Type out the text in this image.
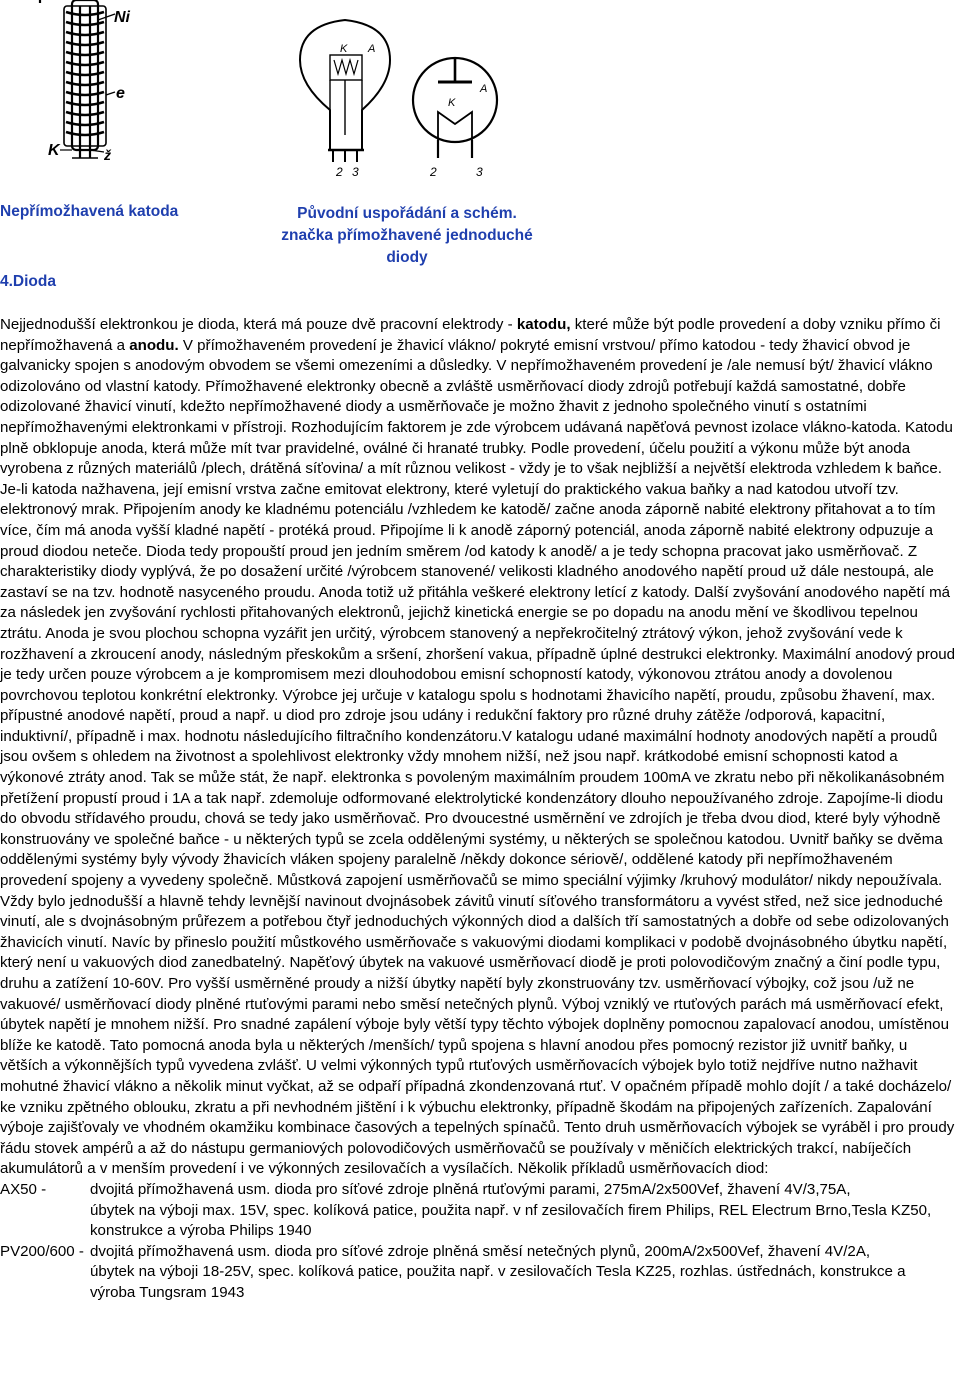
Ni
e
K	ž
K A
2 3
A
K
2	3
Nepřímožhavená katoda	Původní uspořádání a schém. značka přímožhavené jednoduché diody
4.Dioda

Nejjednodušší elektronkou je dioda, která má pouze dvě pracovní elektrody - katodu, které může být podle provedení a doby vzniku přímo či nepřímožhavená a anodu. V přímožhaveném provedení je žhavicí vlákno/ pokryté emisní vrstvou/ přímo katodou - tedy žhavicí obvod je galvanicky spojen s anodovým obvodem se všemi omezeními a důsledky. V nepřímožhaveném provedení je /ale nemusí být/ žhavicí vlákno odizolováno od vlastní katody. Přímožhavené elektronky obecně a zvláště usměrňovací diody zdrojů potřebují každá samostatné, dobře odizolované žhavicí vinutí, kdežto nepřímožhavené diody a usměrňovače je možno žhavit z jednoho společného vinutí s ostatními nepřímožhavenými elektronkami v přístroji. Rozhodujícím faktorem je zde výrobcem udávaná napěťová pevnost izolace vlákno-katoda. Katodu plně obklopuje anoda, která může mít tvar pravidelné, oválné či hranaté trubky. Podle provedení, účelu použití a výkonu může být anoda vyrobena z různých materiálů /plech, drátěná síťovina/ a mít různou velikost - vždy je to však nejbližší a největší elektroda vzhledem k baňce.

Je-li katoda nažhavena, její emisní vrstva začne emitovat elektrony, které vyletují do praktického vakua baňky a nad katodou utvoří tzv. elektronový mrak. Připojením anody ke kladnému potenciálu /vzhledem ke katodě/ začne anoda záporně nabité elektrony přitahovat a to tím více, čím má anoda vyšší kladné napětí - protéká proud. Připojíme li k anodě záporný potenciál, anoda záporně nabité elektrony odpuzuje a proud diodou neteče. Dioda tedy propouští proud jen jedním směrem /od katody k anodě/ a je tedy schopna pracovat jako usměrňovač. Z charakteristiky diody vyplývá, že po dosažení určité /výrobcem stanovené/ velikosti kladného anodového napětí proud už dále nestoupá, ale zastaví se na tzv. hodnotě nasyceného proudu. Anoda totiž už přitáhla veškeré elektrony letící z katody. Další zvyšování anodového napětí má za následek jen zvyšování rychlosti přitahovaných elektronů, jejichž kinetická energie se po dopadu na anodu mění ve škodlivou tepelnou ztrátu. Anoda je svou plochou schopna vyzářit jen určitý, výrobcem stanovený a nepřekročitelný ztrátový výkon, jehož zvyšování vede k rozžhavení a zkroucení anody, následným přeskokům a sršení, zhoršení vakua, případně úplné destrukci elektronky. Maximální anodový proud je tedy určen pouze výrobcem a je kompromisem mezi dlouhodobou emisní schopností katody, výkonovou ztrátou anody a dovolenou povrchovou teplotou konkrétní elektronky. Výrobce jej určuje v katalogu spolu s hodnotami žhavicího napětí, proudu, způsobu žhavení, max. přípustné anodové napětí, proud a např. u diod pro zdroje jsou udány i redukční faktory pro různé druhy zátěže /odporová, kapacitní, induktivní/, případně i max. hodnotu následujícího filtračního kondenzátoru.V katalogu udané maximální hodnoty anodových napětí a proudů jsou ovšem s ohledem na životnost a spolehlivost elektronky vždy mnohem nižší, než jsou např. krátkodobé emisní schopnosti katod a výkonové ztráty anod. Tak se může stát, že např. elektronka s povoleným maximálním proudem 100mA ve zkratu nebo při několikanásobném přetížení propustí proud i 1A a tak např. zdemoluje odformované elektrolytické kondenzátory dlouho nepoužívaného zdroje. Zapojíme-li diodu do obvodu střídavého proudu, chová se tedy jako usměrňovač. Pro dvoucestné usměrnění ve zdrojích je třeba dvou diod, které byly výhodně konstruovány ve společné baňce - u některých typů se zcela oddělenými systémy, u některých se společnou katodou. Uvnitř baňky se dvěma oddělenými systémy byly vývody žhavicích vláken spojeny paralelně /někdy dokonce sériově/, oddělené katody při nepřímožhaveném provedení spojeny a vyvedeny společně. Můstková zapojení usměrňovačů se mimo speciální výjimky /kruhový modulátor/ nikdy nepoužívala. Vždy bylo jednodušší a hlavně tehdy levnější navinout dvojnásobek závitů vinutí síťového transformátoru a vyvést střed, než sice jednoduché vinutí, ale s dvojnásobným průřezem a potřebou čtyř jednoduchých výkonných diod a dalších tří samostatných a dobře od sebe odizolovaných žhavicích vinutí. Navíc by přineslo použití můstkového usměrňovače s vakuovými diodami komplikaci v podobě dvojnásobného úbytku napětí, který není u vakuových diod zanedbatelný. Napěťový úbytek na vakuové usměrňovací diodě je proti polovodičovým značný a činí podle typu, druhu a zatížení 10-60V. Pro vyšší usměrněné proudy a nižší úbytky napětí byly zkonstruovány tzv. usměrňovací výbojky, což jsou /už ne vakuové/ usměrňovací diody plněné rtuťovými parami nebo směsí netečných plynů. Výboj vzniklý ve rtuťových parách má usměrňovací efekt, úbytek napětí je mnohem nižší. Pro snadné zapálení výboje byly větší typy těchto výbojek doplněny pomocnou zapalovací anodou, umístěnou blíže ke katodě. Tato pomocná anoda byla u některých /menších/ typů spojena s hlavní anodou přes pomocný rezistor již uvnitř baňky, u větších a výkonnějších typů vyvedena zvlášť. U velmi výkonných typů rtuťových usměrňovacích výbojek bylo totiž nejdříve nutno nažhavit mohutné žhavicí vlákno a několik minut vyčkat, až se odpaří případná zkondenzovaná rtuť. V opačném případě mohlo dojít / a také docházelo/ ke vzniku zpětného oblouku, zkratu a při nevhodném jištění i k výbuchu elektronky, případně škodám na připojených zařízeních. Zapalování výboje zajišťovaly ve vhodném okamžiku kombinace časových a tepelných spínačů. Tento druh usměrňovacích výbojek se vyráběl i pro proudy řádu stovek ampérů a až do nástupu germaniových polovodičových usměrňovačů se používaly v měničích elektrických trakcí, nabíječích akumulátorů a v menším provedení i ve výkonných zesilovačích a vysílačích. Několik příkladů usměrňovacích diod:

AX50 -	dvojitá přímožhavená usm. dioda pro síťové zdroje plněná rtuťovými parami, 275mA/2x500Vef, žhavení 4V/3,75A,
úbytek na výboji max. 15V, spec. kolíková patice, použita např. v nf zesilovačích firem Philips, REL Electrum Brno,Tesla KZ50,
konstrukce a výroba Philips 1940
PV200/600 - dvojitá přímožhavená usm. dioda pro síťové zdroje plněná směsí netečných plynů, 200mA/2x500Vef, žhavení 4V/2A,
úbytek na výboji 18-25V, spec. kolíková patice, použita např. v zesilovačích Tesla KZ25, rozhlas. ústřednách, konstrukce a
výroba Tungsram 1943
